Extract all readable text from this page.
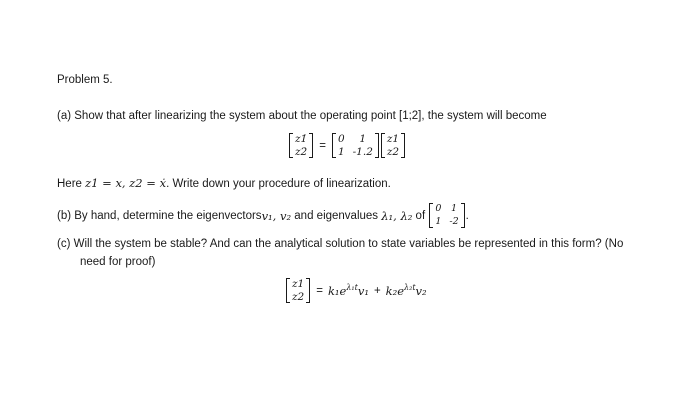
Problem 5.
(a) Show that after linearizing the system about the operating point [1;2], the system will become
z1̇
z2̇
=
0	1
1 -1.2
z1
z2
Here z1 = x, z2 = ẋ. Write down your procedure of linearization.
(b) By hand, determine the eigenvectors v₁, v₂ and eigenvalues λ₁, λ₂ of
0 1
1 -2 .
(c) Will the system be stable? And can the analytical solution to state variables be represented in this form? (No
need for proof)
z1
z2
= $k_1e^{\lambda_1t}v_1 + k_2e^{\lambda_2t}v_2$
